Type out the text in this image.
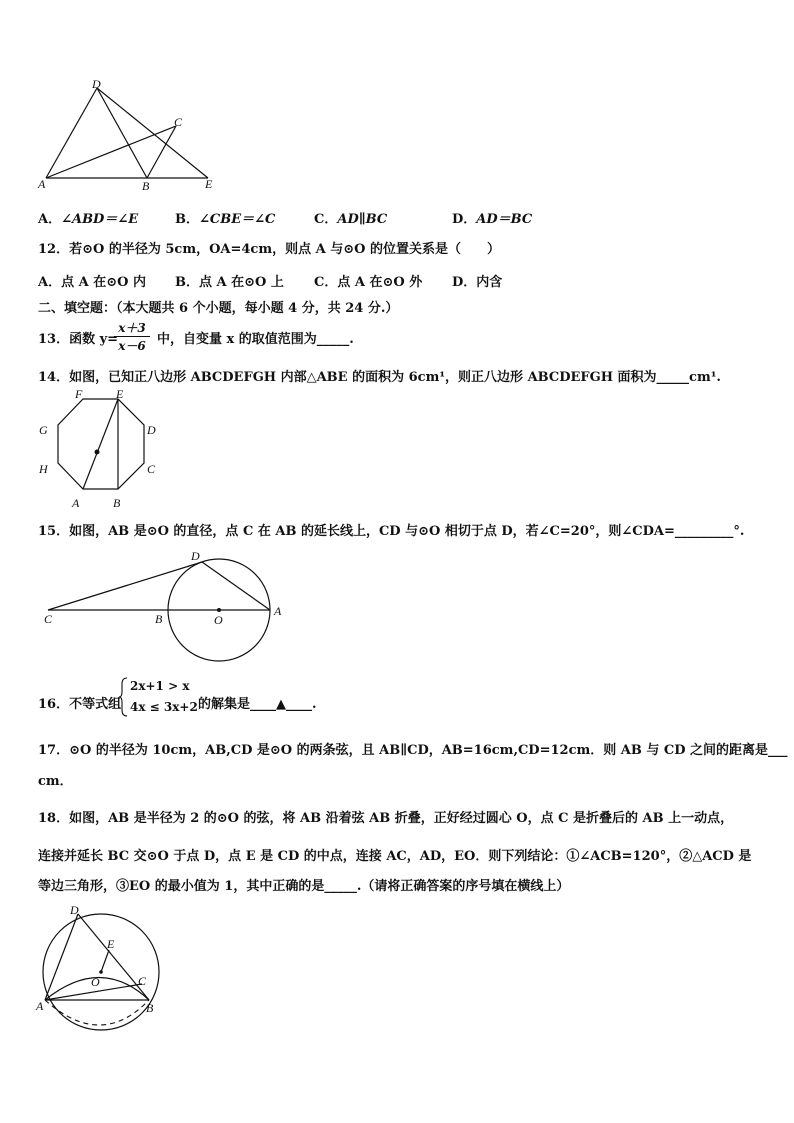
D
C
A	B	E
A．∠ABD＝∠E	B．∠CBE＝∠C	C．AD∥BC	D．AD＝BC
12．若⊙O 的半径为 5cm，OA=4cm，则点 A 与⊙O 的位置关系是（　　）
A．点 A 在⊙O 内 B．点 A 在⊙O 上 C．点 A 在⊙O 外 D．内含
二、填空题：（本大题共 6 个小题，每小题 4 分，共 24 分.）
13．函数 y=
$\frac{x+3}{x-6}$ 中，自变量 x 的取值范围为_____.
14．如图，已知正八边形 ABCDEFGH 内部△ABE 的面积为 6cm¹，则正八边形 ABCDEFGH 面积为_____cm¹.
F	E
G	D
H	C
A	B
15．如图，AB 是⊙O 的直径，点 C 在 AB 的延长线上，CD 与⊙O 相切于点 D，若∠C=20°，则∠CDA=_________°.
D
C	B	O
A
16．不等式组
2x+1 > x
4x ≤ 3x+2 的解集是____▲____.
17．⊙O 的半径为 10cm，AB,CD 是⊙O 的两条弦，且 AB∥CD，AB=16cm,CD=12cm．则 AB 与 CD 之间的距离是___
cm．
18．如图，AB 是半径为 2 的⊙O 的弦，将 AB 沿着弦 AB 折叠，正好经过圆心 O，点 C 是折叠后的 AB 上一动点，
连接并延长 BC 交⊙O 于点 D，点 E 是 CD 的中点，连接 AC，AD，EO．则下列结论：①∠ACB=120°，②△ACD 是
等边三角形，③EO 的最小值为 1，其中正确的是_____.（请将正确答案的序号填在横线上）
D
E
O	C
A	B
